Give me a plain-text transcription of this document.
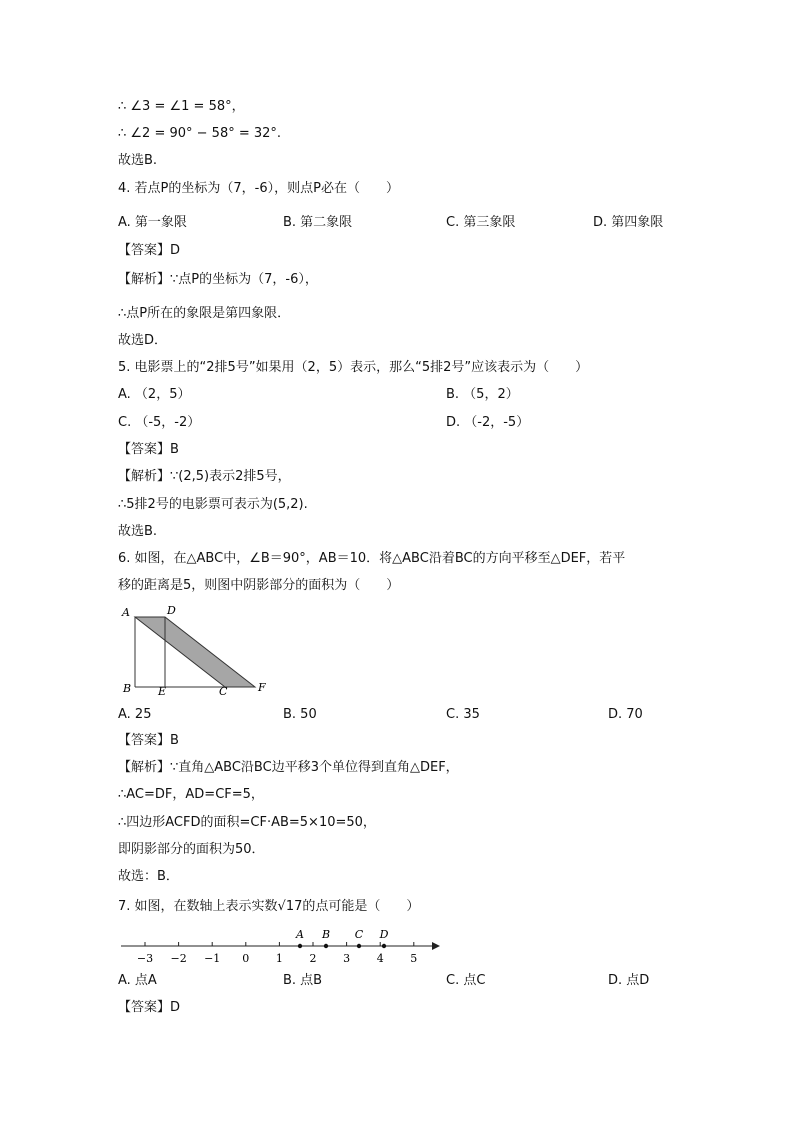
∴ ∠3 = ∠1 = 58°，
∴ ∠2 = 90° − 58° = 32°.
故选B.
4. 若点P的坐标为（7，-6），则点P必在（　　）
A. 第一象限	B. 第二象限	C. 第三象限	D. 第四象限
【答案】D
【解析】∵点P的坐标为（7，-6），
∴点P所在的象限是第四象限．
故选D．
5. 电影票上的“2排5号”如果用（2，5）表示，那么“5排2号”应该表示为（　　）
A. （2，5）	B. （5，2）
C. （-5，-2）	D. （-2，-5）
【答案】B
【解析】∵(2,5)表示2排5号，
∴5排2号的电影票可表示为(5,2).
故选B.
6. 如图，在△ABC中，∠B＝90°，AB＝10．将△ABC沿着BC的方向平移至△DEF，若平
移的距离是5，则图中阴影部分的面积为（　　）
A	D
B E	C	F
A. 25	B. 50	C. 35	D. 70
【答案】B
【解析】∵直角△ABC沿BC边平移3个单位得到直角△DEF，
∴AC=DF，AD=CF=5，
∴四边形ACFD的面积=CF·AB=5×10=50，
即阴影部分的面积为50．
故选：B．
7. 如图，在数轴上表示实数√17的点可能是（　　）
−3 −2 −1 0 1 2 3 4 5
A B C D
A. 点A	B. 点B	C. 点C	D. 点D
【答案】D
